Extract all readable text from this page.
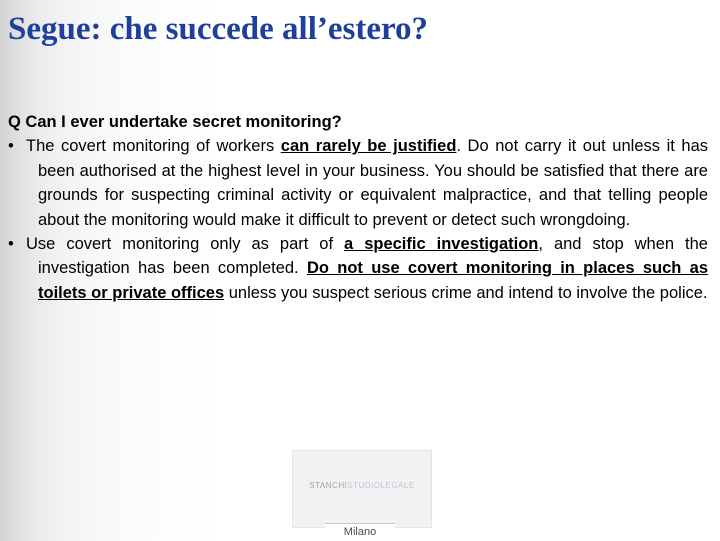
Segue: che succede all’estero?

Q Can I ever undertake secret monitoring?

• The covert monitoring of workers can rarely be justified. Do not carry it out unless it has been authorised at the highest level in your business. You should be satisfied that there are grounds for suspecting criminal activity or equivalent malpractice, and that telling people about the monitoring would make it difficult to prevent or detect such wrongdoing.

• Use covert monitoring only as part of a specific investigation, and stop when the investigation has been completed. Do not use covert monitoring in places such as toilets or private offices unless you suspect serious crime and intend to involve the police.

STANCHISTUDIOLEGALE
Milano
